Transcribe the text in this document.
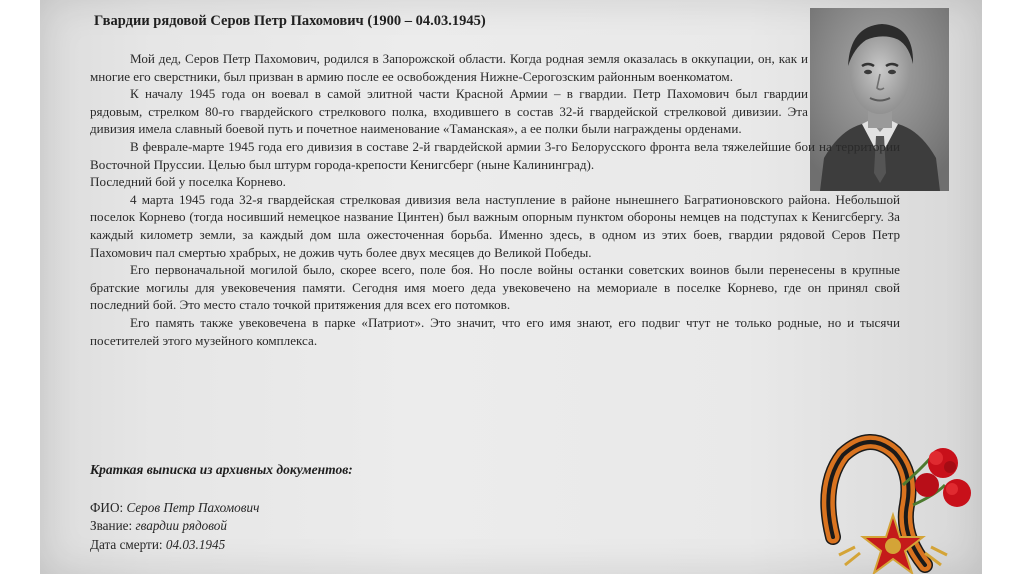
Гвардии рядовой Серов Петр Пахомович (1900 – 04.03.1945)

Мой дед, Серов Петр Пахомович, родился в Запорожской области. Когда родная земля оказалась в оккупации, он, как и многие его сверстники, был призван в армию после ее освобождения Нижне-Серогозским районным военкоматом.

К началу 1945 года он воевал в самой элитной части Красной Армии – в гвардии. Петр Пахомович был гвардии рядовым, стрелком 80-го гвардейского стрелкового полка, входившего в состав 32-й гвардейской стрелковой дивизии. Эта дивизия имела славный боевой путь и почетное наименование «Таманская», а ее полки были награждены орденами.

В феврале-марте 1945 года его дивизия в составе 2-й гвардейской армии 3-го Белорусского фронта вела тяжелейшие бои на территории Восточной Пруссии. Целью был штурм города-крепости Кенигсберг (ныне Калининград).

Последний бой у поселка Корнево.

4 марта 1945 года 32-я гвардейская стрелковая дивизия вела наступление в районе нынешнего Багратионовского района. Небольшой поселок Корнево (тогда носивший немецкое название Цинтен) был важным опорным пунктом обороны немцев на подступах к Кенигсбергу. За каждый километр земли, за каждый дом шла ожесточенная борьба. Именно здесь, в одном из этих боев, гвардии рядовой Серов Петр Пахомович пал смертью храбрых, не дожив чуть более двух месяцев до Великой Победы.

Его первоначальной могилой было, скорее всего, поле боя. Но после войны останки советских воинов были перенесены в крупные братские могилы для увековечения памяти. Сегодня имя моего деда увековечено на мемориале в поселке Корнево, где он принял свой последний бой. Это место стало точкой притяжения для всех его потомков.

Его память также увековечена в парке «Патриот». Это значит, что его имя знают, его подвиг чтут не только родные, но и тысячи посетителей этого музейного комплекса.

Краткая выписка из архивных документов:
ФИО: Серов Петр Пахомович
Звание: гвардии рядовой
Дата смерти: 04.03.1945
